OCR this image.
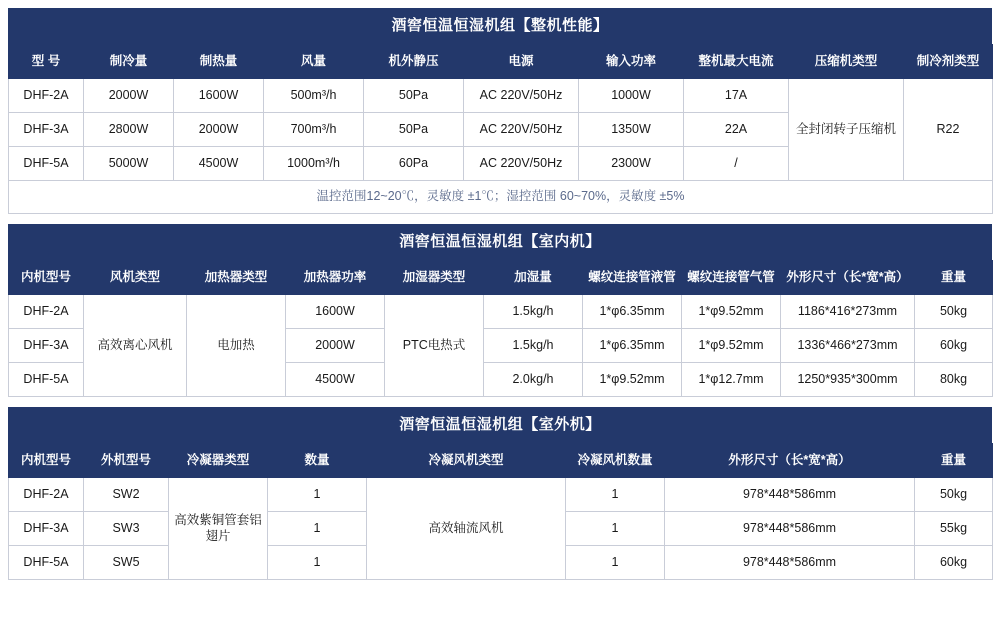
酒窖恒温恒湿机组【整机性能】
型 号	制冷量	制热量	风量	机外静压	电源	输入功率	整机最大电流	压缩机类型	制冷剂类型
DHF-2A	2000W	1600W	500m³/h	50Pa	AC 220V/50Hz	1000W	17A	全封闭转子压缩机	R22
DHF-3A	2800W	2000W	700m³/h	50Pa	AC 220V/50Hz	1350W	22A		
DHF-5A	5000W	4500W	1000m³/h	60Pa	AC 220V/50Hz	2300W	/		
温控范围12~20℃，灵敏度 ±1℃；湿控范围 60~70%，灵敏度 ±5%									
酒窖恒温恒湿机组【室内机】
内机型号	风机类型	加热器类型	加热器功率	加湿器类型	加湿量	螺纹连接管液管	螺纹连接管气管	外形尺寸（长*宽*高）	重量
DHF-2A	高效离心风机	电加热	1600W	PTC电热式	1.5kg/h	1*φ6.35mm	1*φ9.52mm	1186*416*273mm	50kg
DHF-3A			2000W		1.5kg/h	1*φ6.35mm	1*φ9.52mm	1336*466*273mm	60kg
DHF-5A			4500W		2.0kg/h	1*φ9.52mm	1*φ12.7mm	1250*935*300mm	80kg
酒窖恒温恒湿机组【室外机】
内机型号	外机型号	冷凝器类型	数量	冷凝风机类型	冷凝风机数量	外形尺寸（长*宽*高）	重量
DHF-2A	SW2	高效紫铜管套铝翅片	1	高效轴流风机	1	978*448*586mm	50kg
DHF-3A	SW3		1		1	978*448*586mm	55kg
DHF-5A	SW5		1		1	978*448*586mm	60kg
